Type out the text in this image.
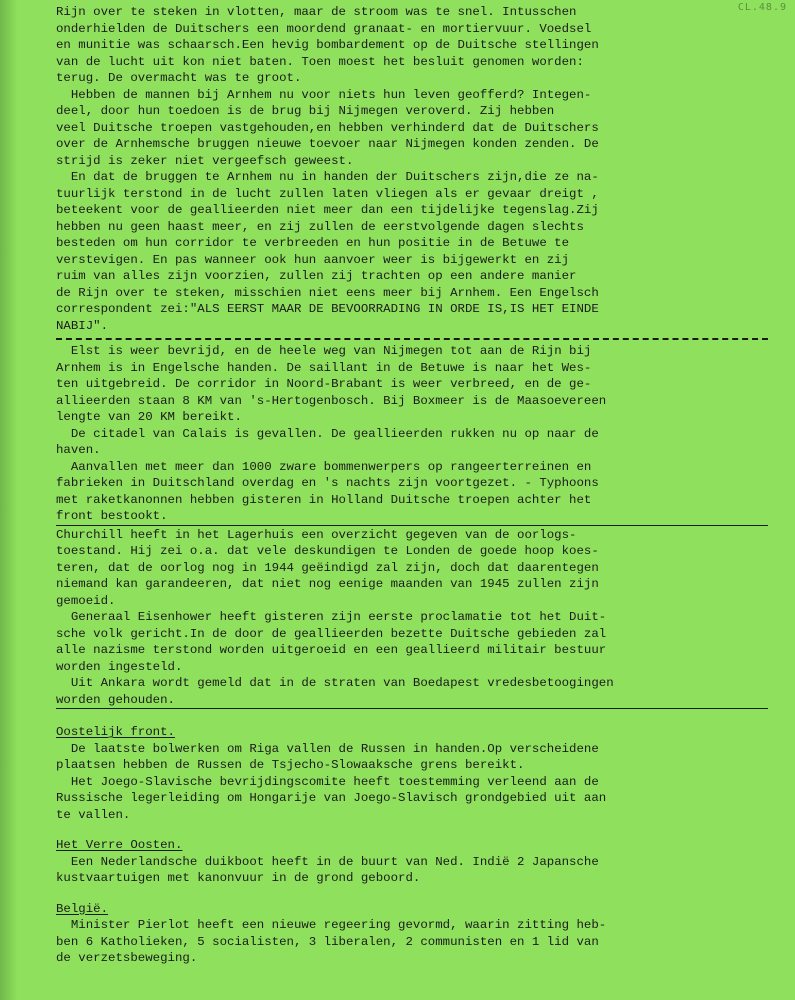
CL.48.9

Rijn over te steken in vlotten, maar de stroom was te snel. Intusschen

onderhielden de Duitschers een moordend granaat- en mortiervuur. Voedsel

en munitie was schaarsch.Een hevig bombardement op de Duitsche stellingen

van de lucht uit kon niet baten. Toen moest het besluit genomen worden:

terug. De overmacht was te groot.

Hebben de mannen bij Arnhem nu voor niets hun leven geofferd? Integen-

deel, door hun toedoen is de brug bij Nijmegen veroverd. Zij hebben

veel Duitsche troepen vastgehouden,en hebben verhinderd dat de Duitschers

over de Arnhemsche bruggen nieuwe toevoer naar Nijmegen konden zenden. De

strijd is zeker niet vergeefsch geweest.

En dat de bruggen te Arnhem nu in handen der Duitschers zijn,die ze na-

tuurlijk terstond in de lucht zullen laten vliegen als er gevaar dreigt ,

beteekent voor de geallieerden niet meer dan een tijdelijke tegenslag.Zij

hebben nu geen haast meer, en zij zullen de eerstvolgende dagen slechts

besteden om hun corridor te verbreeden en hun positie in de Betuwe te

verstevigen. En pas wanneer ook hun aanvoer weer is bijgewerkt en zij

ruim van alles zijn voorzien, zullen zij trachten op een andere manier

de Rijn over te steken, misschien niet eens meer bij Arnhem. Een Engelsch

correspondent zei:"ALS EERST MAAR DE BEVOORRADING IN ORDE IS,IS HET EINDE

NABIJ".

Elst is weer bevrijd, en de heele weg van Nijmegen tot aan de Rijn bij

Arnhem is in Engelsche handen. De saillant in de Betuwe is naar het Wes-

ten uitgebreid. De corridor in Noord-Brabant is weer verbreed, en de ge-

allieerden staan 8 KM van 's-Hertogenbosch. Bij Boxmeer is de Maasoevereen

lengte van 20 KM bereikt.

De citadel van Calais is gevallen. De geallieerden rukken nu op naar de

haven.

Aanvallen met meer dan 1000 zware bommenwerpers op rangeerterreinen en

fabrieken in Duitschland overdag en 's nachts zijn voortgezet. - Typhoons

met raketkanonnen hebben gisteren in Holland Duitsche troepen achter het

front bestookt.

Churchill heeft in het Lagerhuis een overzicht gegeven van de oorlogs-

toestand. Hij zei o.a. dat vele deskundigen te Londen de goede hoop koes-

teren, dat de oorlog nog in 1944 geëindigd zal zijn, doch dat daarentegen

niemand kan garandeeren, dat niet nog eenige maanden van 1945 zullen zijn

gemoeid.

Generaal Eisenhower heeft gisteren zijn eerste proclamatie tot het Duit-

sche volk gericht.In de door de geallieerden bezette Duitsche gebieden zal

alle nazisme terstond worden uitgeroeid en een geallieerd militair bestuur

worden ingesteld.

Uit Ankara wordt gemeld dat in de straten van Boedapest vredesbetoogingen

worden gehouden.

Oostelijk front.

De laatste bolwerken om Riga vallen de Russen in handen.Op verscheidene

plaatsen hebben de Russen de Tsjecho-Slowaaksche grens bereikt.

Het Joego-Slavische bevrijdingscomite heeft toestemming verleend aan de

Russische legerleiding om Hongarije van Joego-Slavisch grondgebied uit aan

te vallen.

Het Verre Oosten.

Een Nederlandsche duikboot heeft in de buurt van Ned. Indië 2 Japansche

kustvaartuigen met kanonvuur in de grond geboord.

België.

Minister Pierlot heeft een nieuwe regeering gevormd, waarin zitting heb-

ben 6 Katholieken, 5 socialisten, 3 liberalen, 2 communisten en 1 lid van

de verzetsbeweging.
